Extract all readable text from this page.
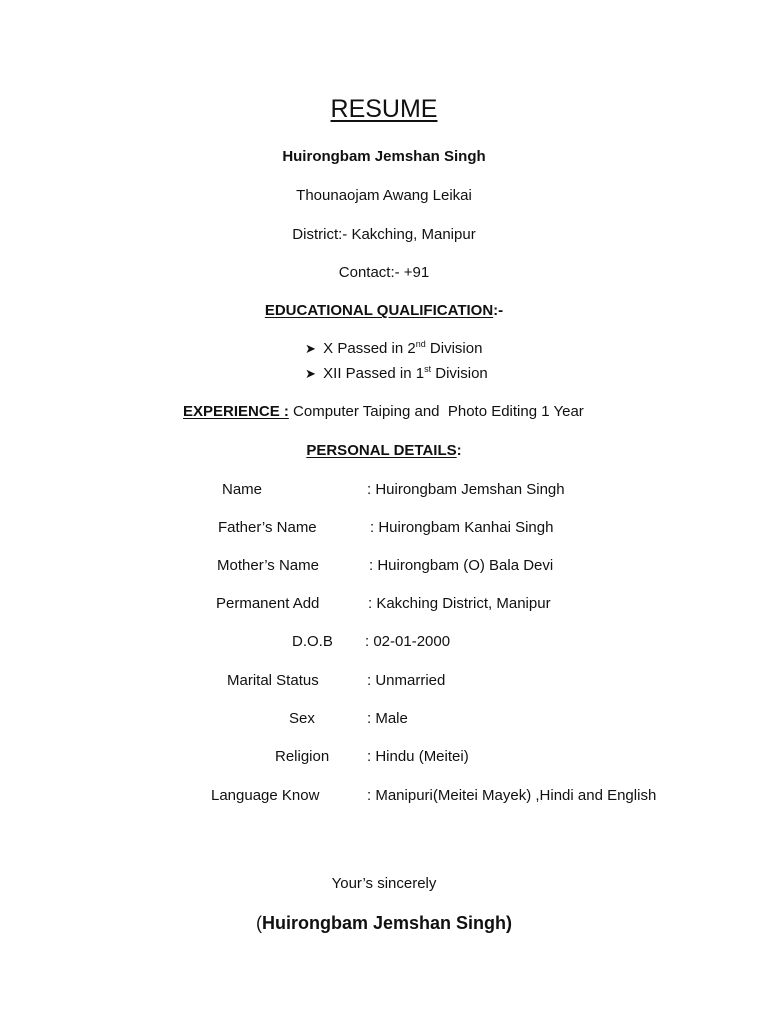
RESUME
Huirongbam Jemshan Singh
Thounaojam Awang Leikai
District:- Kakching, Manipur
Contact:- +91
EDUCATIONAL QUALIFICATION:-
➤ X Passed in 2nd Division
➤ XII Passed in 1st Division
EXPERIENCE : Computer Taiping and  Photo Editing 1 Year
PERSONAL DETAILS:
Name	: Huirongbam Jemshan Singh
Father’s Name	: Huirongbam Kanhai Singh
Mother’s Name	: Huirongbam (O) Bala Devi
Permanent Add	: Kakching District, Manipur
D.O.B : 02-01-2000
Marital Status	: Unmarried
Sex	: Male
Religion	: Hindu (Meitei)
Language Know	: Manipuri(Meitei Mayek) ,Hindi and English
Your’s sincerely
(Huirongbam Jemshan Singh)
